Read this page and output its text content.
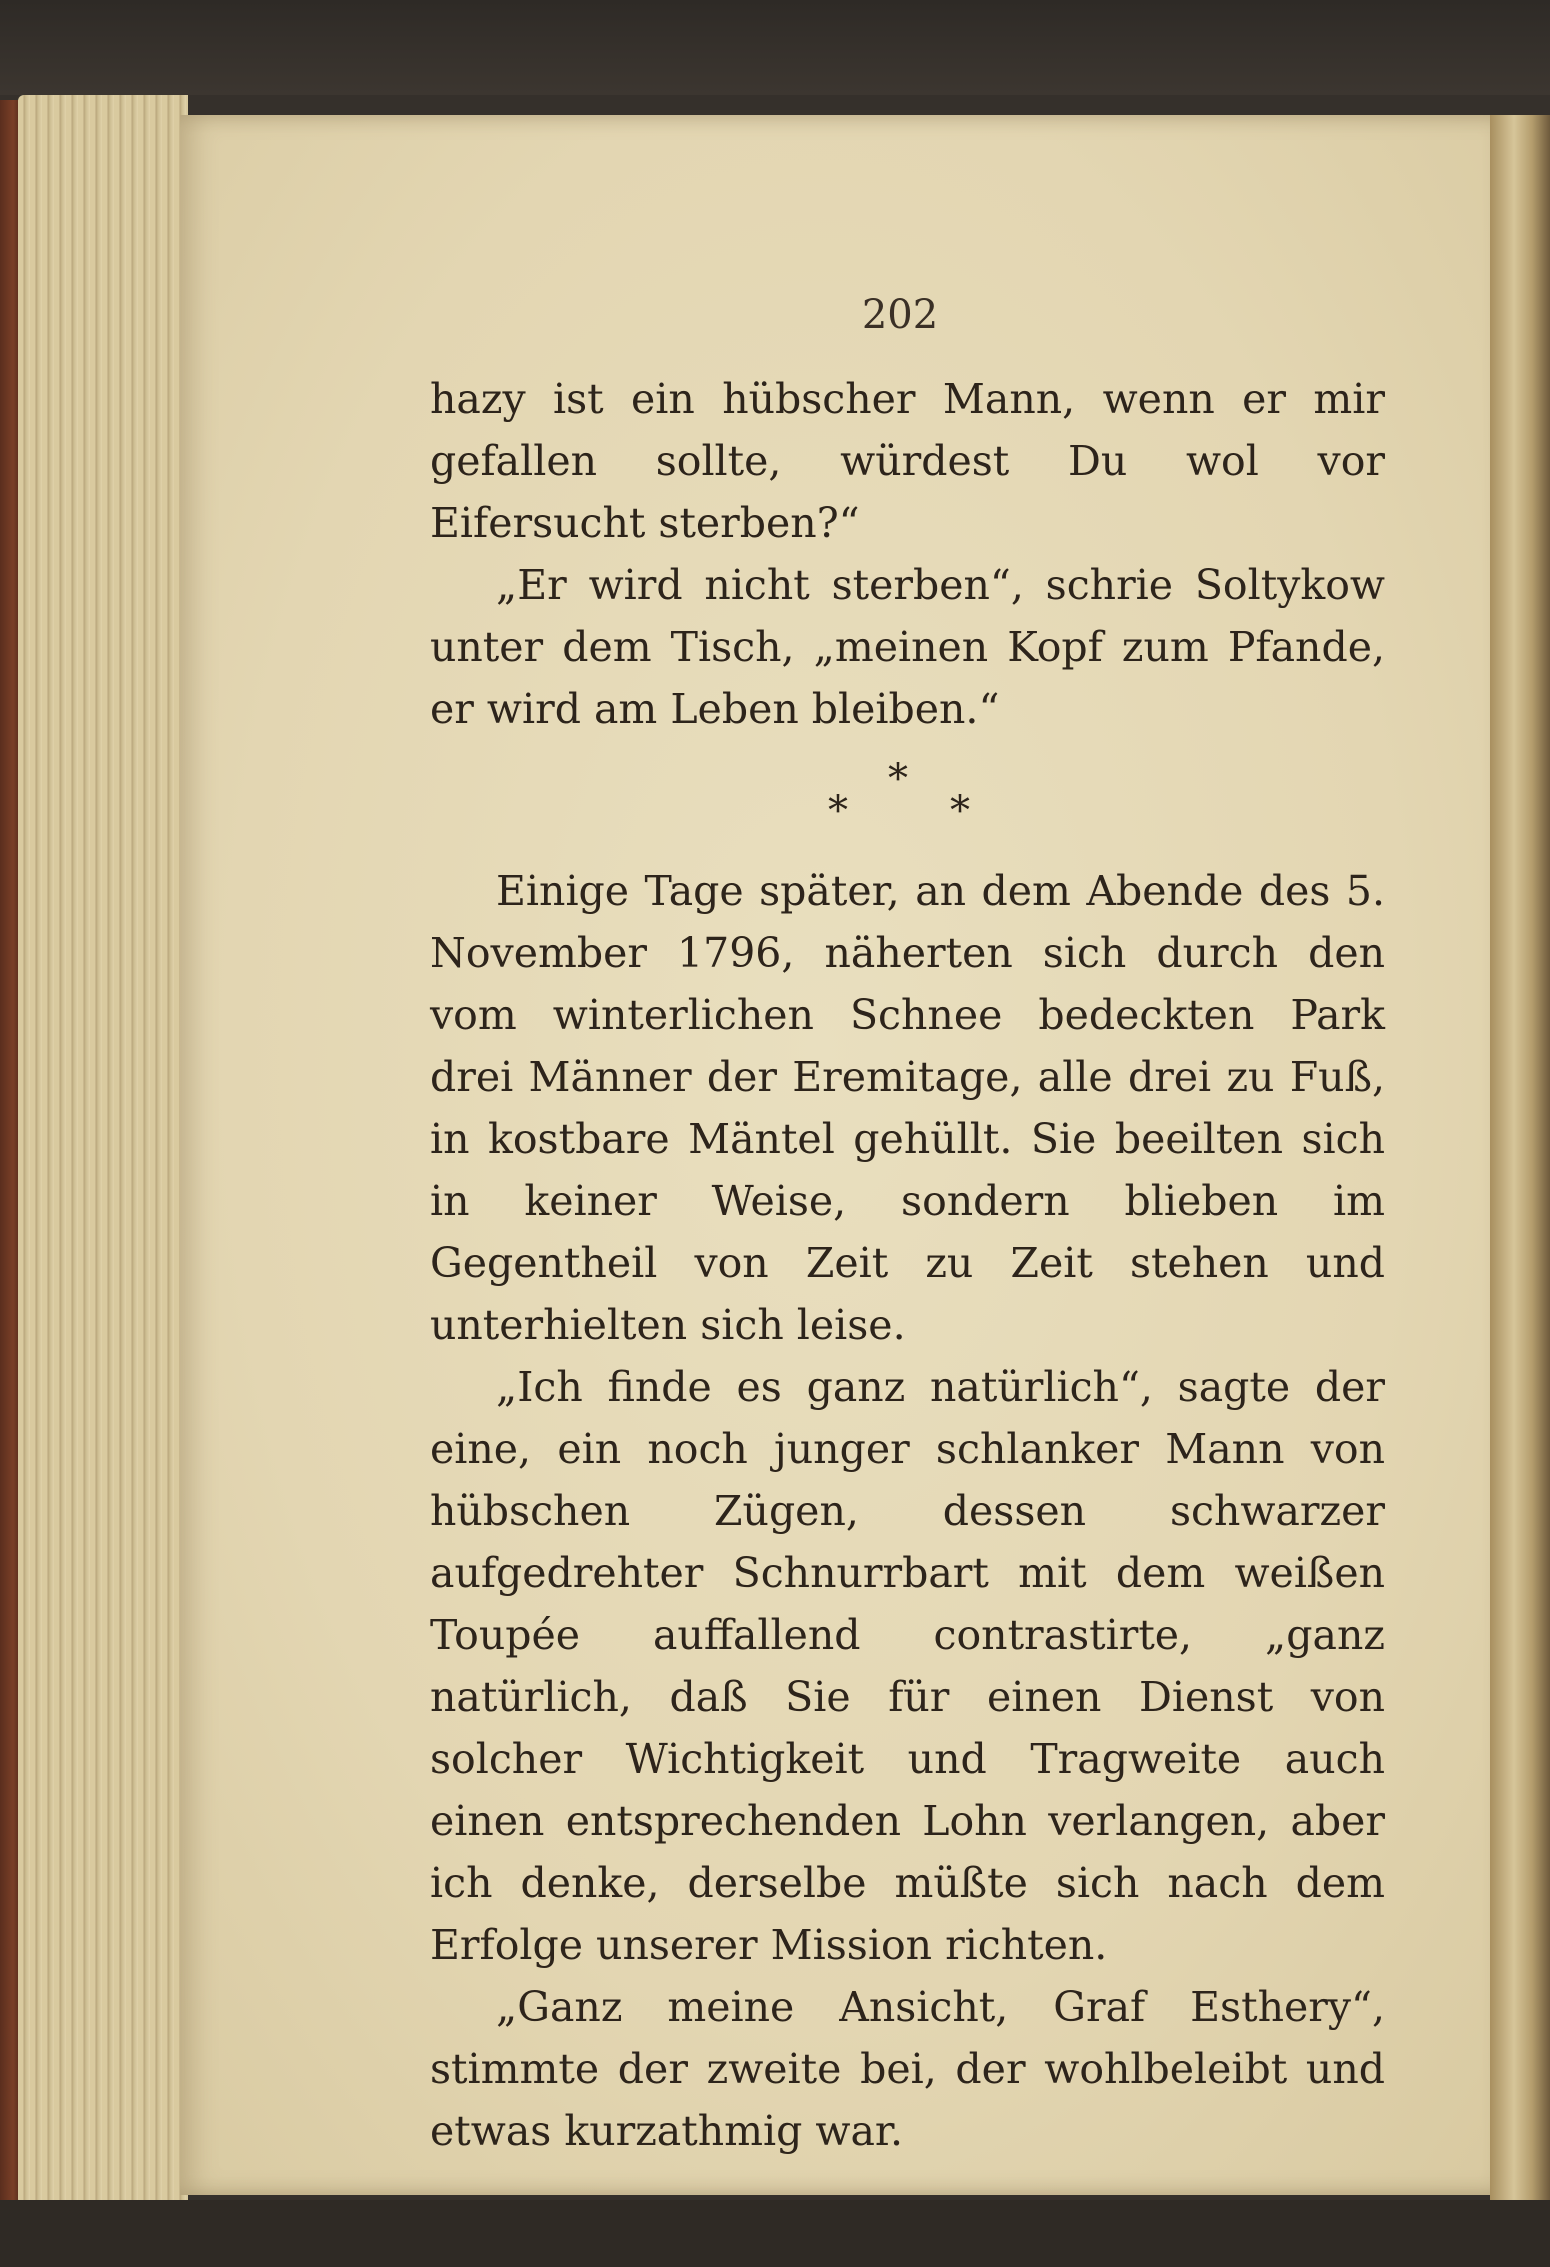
202

hazy ist ein hübscher Mann, wenn er mir gefallen sollte, würdest Du wol vor Eifersucht sterben?“

„Er wird nicht sterben“, schrie Soltykow unter dem Tisch, „meinen Kopf zum Pfande, er wird am Leben bleiben.“

*
*	*

Einige Tage später, an dem Abende des 5. November 1796, näherten sich durch den vom winterlichen Schnee bedeckten Park drei Männer der Eremitage, alle drei zu Fuß, in kostbare Mäntel gehüllt. Sie beeilten sich in keiner Weise, sondern blieben im Gegentheil von Zeit zu Zeit stehen und unterhielten sich leise.

„Ich finde es ganz natürlich“, sagte der eine, ein noch junger schlanker Mann von hübschen Zügen, dessen schwarzer aufgedrehter Schnurrbart mit dem weißen Toupée auffallend contrastirte, „ganz natürlich, daß Sie für einen Dienst von solcher Wichtigkeit und Tragweite auch einen entsprechenden Lohn verlangen, aber ich denke, derselbe müßte sich nach dem Erfolge unserer Mission richten.

„Ganz meine Ansicht, Graf Esthery“, stimmte der zweite bei, der wohlbeleibt und etwas kurzathmig war.
